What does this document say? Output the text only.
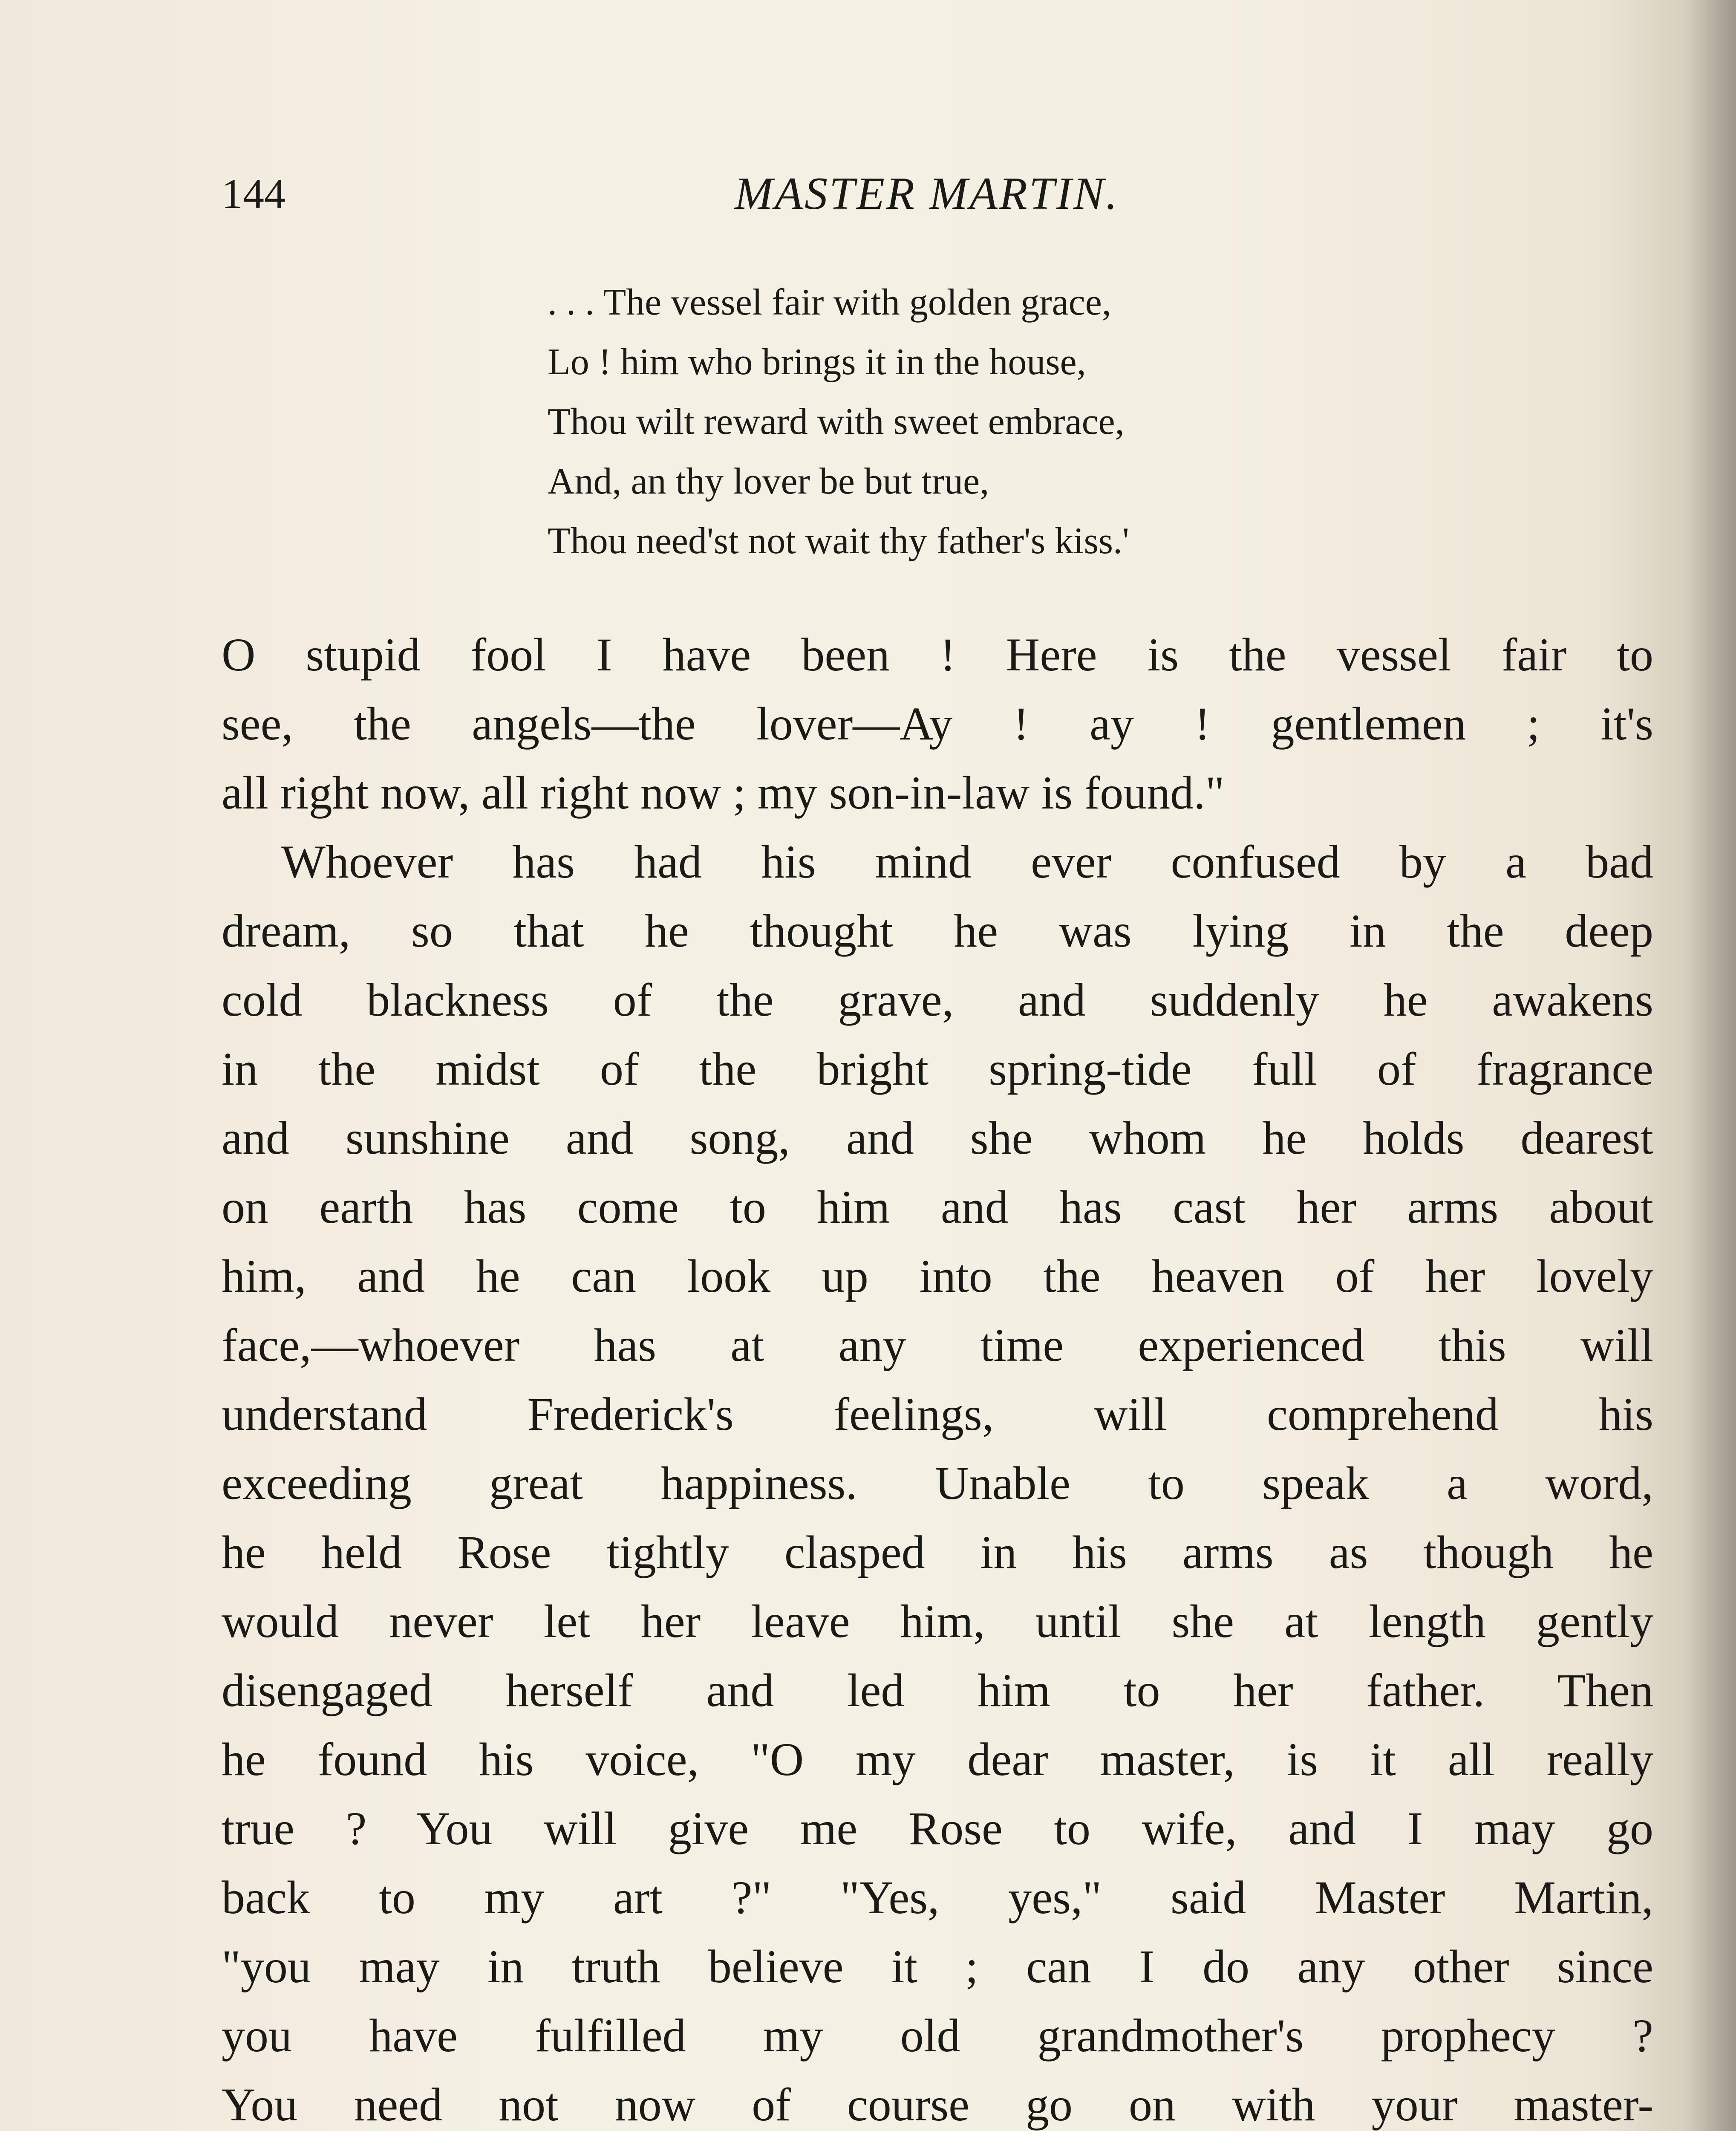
144	MASTER MARTIN.
. . . The vessel fair with golden grace,
Lo ! him who brings it in the house,
Thou wilt reward with sweet embrace,
And, an thy lover be but true,
Thou need'st not wait thy father's kiss.'
O stupid fool I have been ! Here is the vessel fair to
see, the angels—the lover—Ay ! ay ! gentlemen ; it's
all right now, all right now ; my son-in-law is found."
Whoever has had his mind ever confused by a bad
dream, so that he thought he was lying in the deep
cold blackness of the grave, and suddenly he awakens
in the midst of the bright spring-tide full of fragrance
and sunshine and song, and she whom he holds dearest
on earth has come to him and has cast her arms about
him, and he can look up into the heaven of her lovely
face,—whoever has at any time experienced this will
understand Frederick's feelings, will comprehend his
exceeding great happiness. Unable to speak a word,
he held Rose tightly clasped in his arms as though he
would never let her leave him, until she at length gently
disengaged herself and led him to her father. Then
he found his voice, "O my dear master, is it all really
true ? You will give me Rose to wife, and I may go
back to my art ?" "Yes, yes," said Master Martin,
"you may in truth believe it ; can I do any other since
you have fulfilled my old grandmother's prophecy ?
You need not now of course go on with your master-
